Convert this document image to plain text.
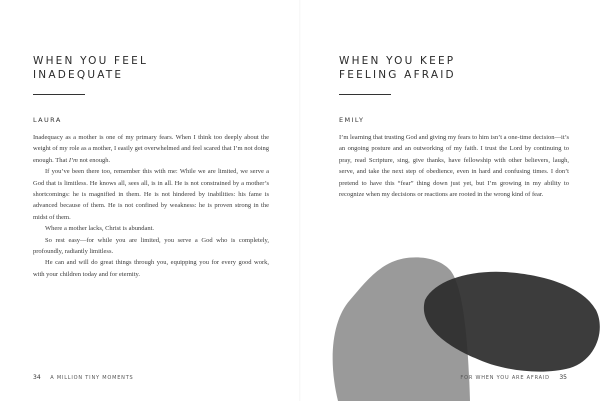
WHEN YOU FEEL
INADEQUATE
LAURA

Inadequacy as a mother is one of my primary fears. When I think too deeply about the weight of my role as a mother, I easily get overwhelmed and feel scared that I’m not doing enough. That I’m not enough.

If you’ve been there too, remember this with me: While we are limited, we serve a God that is limitless. He knows all, sees all, is in all. He is not constrained by a mother’s shortcomings: he is magnified in them. He is not hindered by inabilities: his fame is advanced because of them. He is not confined by weakness: he is proven strong in the midst of them.

Where a mother lacks, Christ is abundant.

So rest easy—for while you are limited, you serve a God who is completely, profoundly, radiantly limitless.

He can and will do great things through you, equipping you for every good work, with your children today and for eternity.

34 A MILLION TINY MOMENTS
WHEN YOU KEEP
FEELING AFRAID
EMILY

I’m learning that trusting God and giving my fears to him isn’t a one-time decision—it’s an ongoing posture and an outworking of my faith. I trust the Lord by continuing to pray, read Scripture, sing, give thanks, have fellowship with other believers, laugh, serve, and take the next step of obedience, even in hard and confusing times. I don’t pretend to have this “fear” thing down just yet, but I’m growing in my ability to recognize when my decisions or reactions are rooted in the wrong kind of fear.

FOR WHEN YOU ARE AFRAID 35
